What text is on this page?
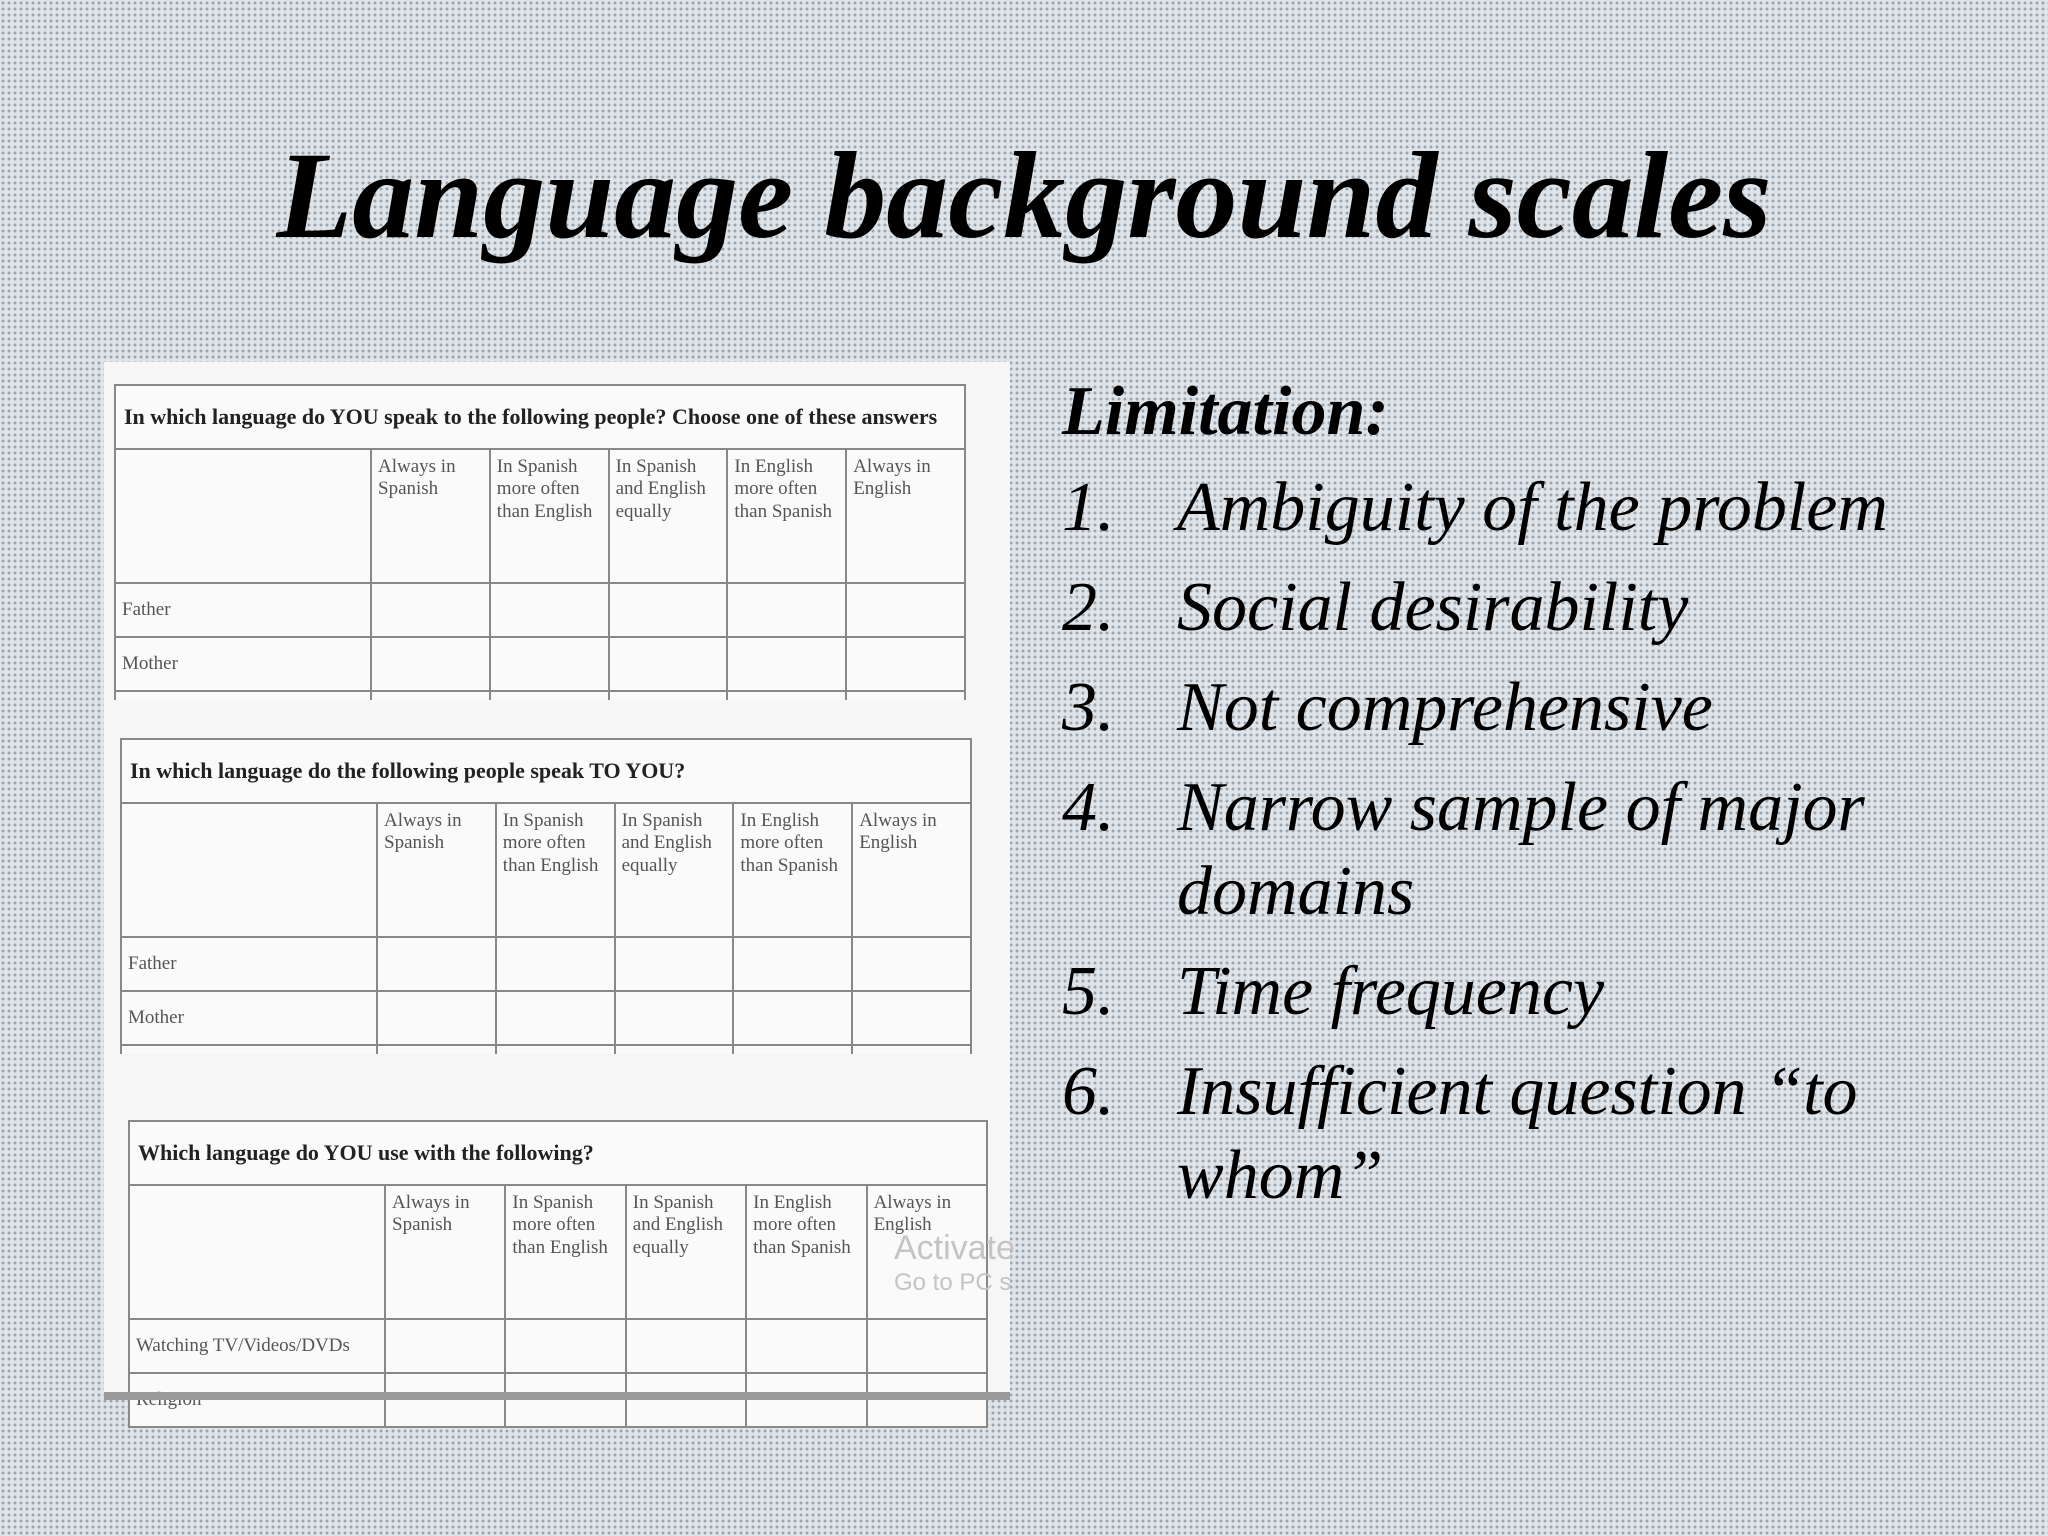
Language background scales
In which language do YOU speak to the following people? Choose one of these answers					
	Always in Spanish	In Spanish more often than English	In Spanish and English equally	In English more often than Spanish	Always in English
Father					
Mother					

In which language do the following people speak TO YOU?					
	Always in Spanish	In Spanish more often than English	In Spanish and English equally	In English more often than Spanish	Always in English
Father					
Mother					

Which language do YOU use with the following?					
	Always in Spanish	In Spanish more often than English	In Spanish and English equally	In English more often than Spanish	Always in English
Watching TV/Videos/DVDs					

Activate
Go to PC s
Limitation:
1. Ambiguity of the problem
2. Social desirability
3. Not comprehensive
4. Narrow sample of major domains
5. Time frequency
6. Insufficient question “to whom”
